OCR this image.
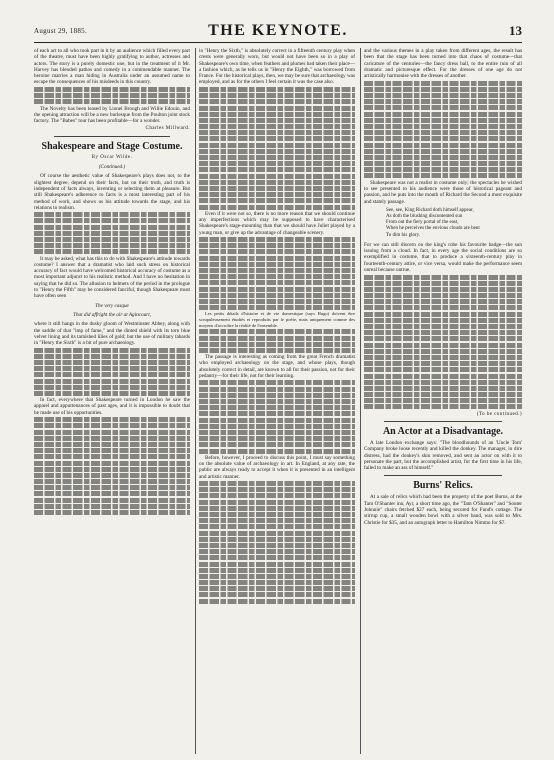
August 29, 1885.	THE KEYNOTE.	13

of each act to all who took part in it by an audience which filled every part of the theatre, must have been highly gratifying to author, actresses and actors. The story is a purely domestic one, but in the treatment of it Mr. Harvey has blended pathos and comedy in a commendable manner. The heroine marries a man hiding in Australia under an assumed name to escape the consequences of his misdeeds in this country.

The Novelty has been leased by Lionel Brough and Willie Edouin, and the opening attraction will be a new burlesque from the Poulton joint stock factory. The "Babes" tour has been profitable—for a wonder.

Charles Millward.
Shakespeare and Stage Costume.
By Oscar Wilde.
(Continued.)

Of course the aesthetic value of Shakespeare's plays does not, to the slightest degree, depend on their facts, but on their truth, and truth is independent of facts always, inventing or selecting them at pleasure. But still Shakespeare's adherence to facts is a most interesting part of his method of work, and shows us his attitude towards the stage, and his relations to realism.

It may be asked, what has this to do with Shakespeare's attitude towards costume? I answer that a dramatist who laid such stress on historical accuracy of fact would have welcomed historical accuracy of costume as a most important adjunct to his realistic method. And I have no hesitation in saying that he did so. The allusion to helmets of the period in the prologue to "Henry the Fifth" may be considered fanciful, though Shakespeare must have often seen

The very casque
That did affright the air at Agincourt,

where it still hangs in the dusky gloom of Westminster Abbey, along with the saddle of that "imp of fame," and the dinted shield with its torn blue velvet lining and its tarnished lilies of gold; but the use of military tabards in "Henry the Sixth" is a bit of pure archaeology.

In fact, everywhere that Shakespeare turned in London he saw the apparel and appurtenances of past ages, and it is impossible to doubt that he made use of his opportunities.

in "Henry the Sixth," is absolutely correct in a fifteenth century play when crests were generally worn, but would not have been so in a play of Shakespeare's own time, when feathers and plumes had taken their place—a fashion which, as he tells us in "Henry the Eighth," was borrowed from France. For the historical plays, then, we may be sure that archaeology was employed, and as for the others I feel certain it was the case also.

Even if it were not so, there is no more reason that we should continue any imperfections which may be supposed to have characterised Shakespeare's stage-mounting than that we should have Juliet played by a young man, or give up the advantage of changeable scenery.

Les petits détails d'histoire et de vie domestique (says Hugo) doivent être scrupuleusement étudiés et reproduits par le poète, mais uniquement comme des moyens d'accroître la réalité de l'ensemble.

The passage is interesting as coming from the great French dramatist who employed archaeology on the stage, and whose plays, though absolutely correct in detail, are known to all for their passion, not for their pedantry—for their life, not for their learning.

Before, however, I proceed to discuss this point, I must say something on the absolute value of archaeology in art. In England, at any rate, the public are always ready to accept it when it is presented in an intelligent and artistic manner.

and the various themes in a play taken from different ages, the result has been that the stage has been turned into that chaos of costume—that caricature of the centuries—the fancy dress ball, to the entire ruin of all dramatic and picturesque effect. For the dresses of one age do not artistically harmonise with the dresses of another.

Shakespeare was not a realist in costume only; the spectacles he wished to see presented to his audience were those of historical pageant and passion, and he puts into the mouth of Richard the Second a most exquisite and stately passage.

See, see, King Richard doth himself appear,
As doth the blushing discontented sun
From out the fiery portal of the east,
When he perceives the envious clouds are bent
To dim his glory.

For we can still discern on the king's robe his favourite badge—the sun issuing from a cloud. In fact, in every age the social conditions are so exemplified in costume, that to produce a sixteenth-century play in fourteenth-century attire, or vice versa, would make the performance seem unreal because untrue.

(To be continued.)
An Actor at a Disadvantage.

A late London exchange says: "The bloodhounds of an 'Uncle Tom' Company broke loose recently and killed the donkey. The manager, in dire distress, had the donkey's skin removed, and sent an actor on with it to personate the part, but the accomplished artist, for the first time in his life, failed to make an ass of himself."

Burns' Relics.

At a sale of relics which had been the property of the poet Burns, at the Tam O'Shanter inn, Ayr, a short time ago, the "Tam O'Shanter" and "Souter Johnnie" chairs fetched $27 each, being secured for Fund's cottage. The stirrup cup, a small wooden bowl with a silver band, was sold to Mrs. Christie for $35, and an autograph letter to Hamilton Nimmo for $7.
